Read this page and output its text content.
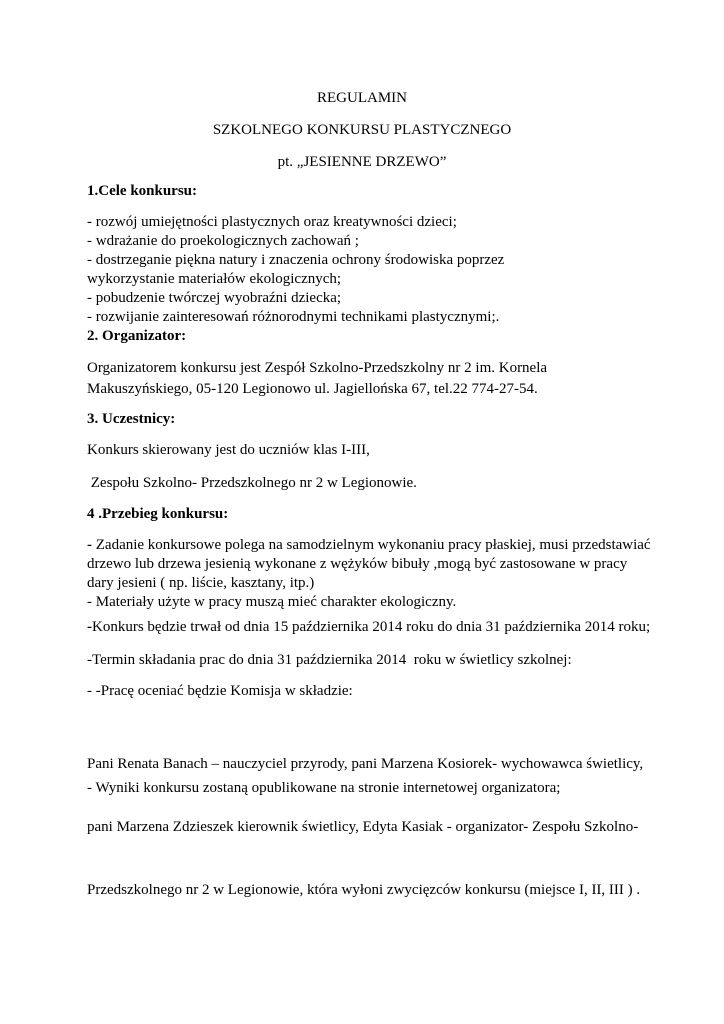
REGULAMIN
SZKOLNEGO KONKURSU PLASTYCZNEGO
pt. „JESIENNE DRZEWO”
1.Cele konkursu:
- rozwój umiejętności plastycznych oraz kreatywności dzieci;
- wdrażanie do proekologicznych zachowań ;
- dostrzeganie piękna natury i znaczenia ochrony środowiska poprzez
wykorzystanie materiałów ekologicznych;
- pobudzenie twórczej wyobraźni dziecka;
- rozwijanie zainteresowań różnorodnymi technikami plastycznymi;.
2. Organizator:
Organizatorem konkursu jest Zespół Szkolno-Przedszkolny nr 2 im. Kornela
Makuszyńskiego, 05-120 Legionowo ul. Jagiellońska 67, tel.22 774-27-54.
3. Uczestnicy:
Konkurs skierowany jest do uczniów klas I-III,
Zespołu Szkolno- Przedszkolnego nr 2 w Legionowie.
4 .Przebieg konkursu:
- Zadanie konkursowe polega na samodzielnym wykonaniu pracy płaskiej, musi przedstawiać
drzewo lub drzewa jesienią wykonane z wężyków bibuły ,mogą być zastosowane w pracy
dary jesieni ( np. liście, kasztany, itp.)
- Materiały użyte w pracy muszą mieć charakter ekologiczny.
-Konkurs będzie trwał od dnia 15 października 2014 roku do dnia 31 października 2014 roku;
-Termin składania prac do dnia 31 października 2014  roku w świetlicy szkolnej:
- -Pracę oceniać będzie Komisja w składzie:

Pani Renata Banach – nauczyciel przyrody, pani Marzena Kosiorek- wychowawca świetlicy,

pani Marzena Zdzieszek kierownik świetlicy, Edyta Kasiak - organizator- Zespołu Szkolno-

Przedszkolnego nr 2 w Legionowie, która wyłoni zwycięzców konkursu (miejsce I, II, III ) .

- Wyniki konkursu zostaną opublikowane na stronie internetowej organizatora;
